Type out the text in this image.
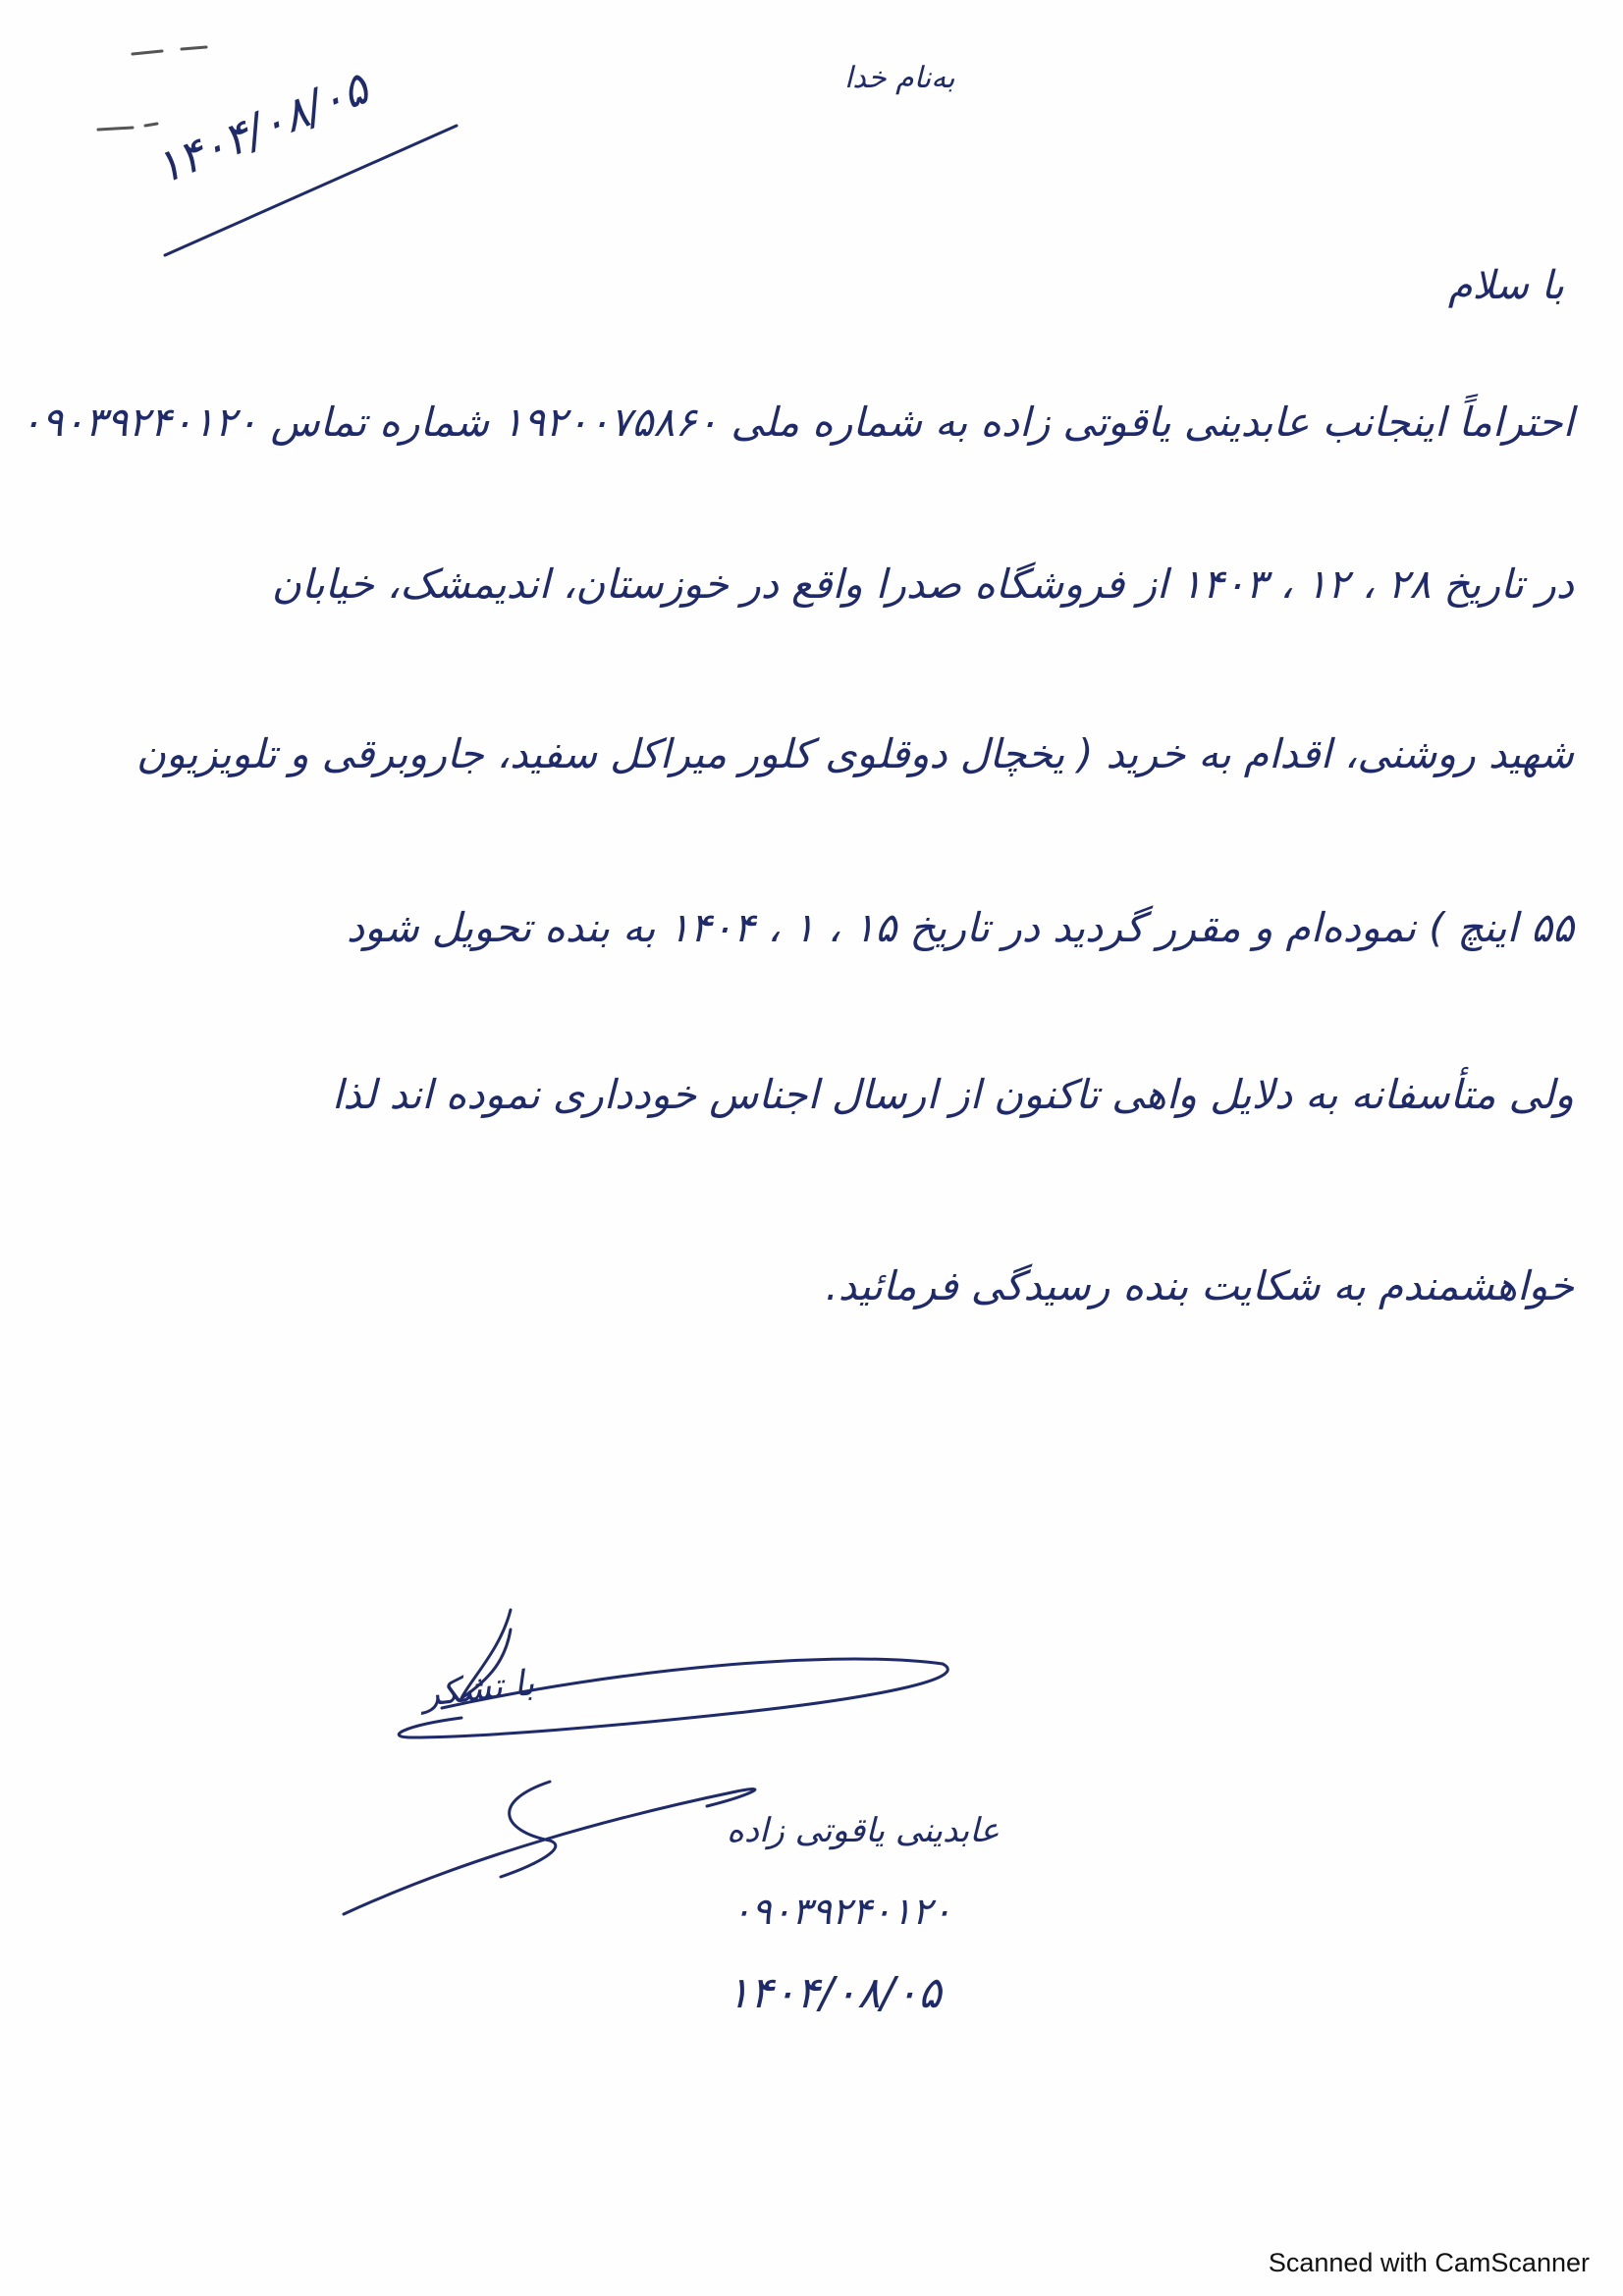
به‌نام خدا
۱۴۰۴/۰۸/۰۵
با سلام
احتراماً اینجانب عابدینی یاقوتی زاده به شماره ملی ۱۹۲۰۰۷۵۸۶۰ شماره تماس ۰۹۰۳۹۲۴۰۱۲۰
در تاریخ ۲۸ ، ۱۲ ، ۱۴۰۳ از فروشگاه صدرا واقع در خوزستان، اندیمشک، خیابان
شهید روشنی، اقدام به خرید ( یخچال دوقلوی کلور میراکل سفید، جاروبرقی و تلویزیون
۵۵ اینچ ) نموده‌ام و مقرر گردید در تاریخ ۱۵ ، ۱ ، ۱۴۰۴ به بنده تحویل شود
ولی متأسفانه به دلایل واهی تاکنون از ارسال اجناس خودداری نموده اند لذا
خواهشمندم به شکایت بنده رسیدگی فرمائید.
با تشکر
عابدینی یاقوتی زاده
۰۹۰۳۹۲۴۰۱۲۰
۱۴۰۴/۰۸/۰۵
Scanned with CamScanner
